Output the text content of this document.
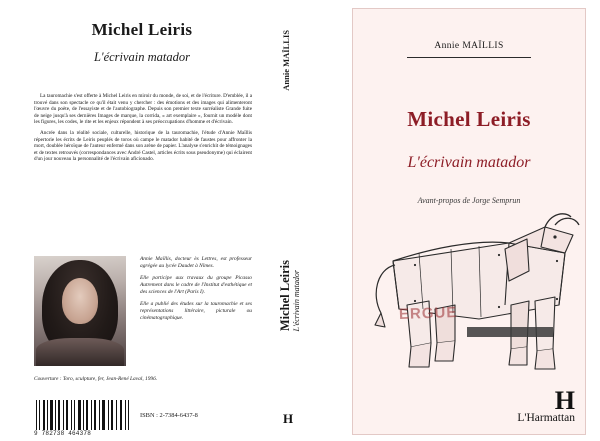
Michel Leiris
L'écrivain matador

La tauromachie s'est offerte à Michel Leiris en miroir du monde, de soi, et de l'écriture. D'emblée, il a trouvé dans son spectacle ce qu'il était venu y chercher : des émotions et des images qui alimenteront l'œuvre du poète, de l'essayiste et de l'autobiographe. Depuis son premier texte surréaliste Grande fuite de neige jusqu'à ses dernières Images de marque, la corrida, « art exemplaire », fournit un modèle dont les figures, les codes, le rite et les enjeux répondent à ses préoccupations d'homme et d'écrivain.

Ancrée dans la réalité sociale, culturelle, historique de la tauromachie, l'étude d'Annie Maïllis répertorie les écrits de Leiris peuplés de toros où campe le matador habité de faustes pour affronter la mort, doublée héroïque de l'auteur enfermé dans son arène de papier. L'analyse s'enrichit de témoignages et de textes retrouvés (correspondances avec André Castel, articles écrits sous pseudonyme) qui éclairent d'un jour nouveau la personnalité de l'écrivain aficionado.

Annie Maïllis, docteur ès Lettres, est professeur agrégée au lycée Daudet à Nîmes.

Elle participe aux travaux du groupe Picasso Autrement dans le cadre de l'Institut d'esthétique et des sciences de l'Art (Paris I).

Elle a publié des études sur la tauromachie et ses représentations littéraire, picturale ou cinématographique.

Couverture : Toro, sculpture, fer, Jean-René Laval, 1996.
9 782738 464378
ISBN : 2-7384-6437-8
Annie MAÏLLIS
Michel Leiris L'écrivain matador
H
Annie MAÏLLIS
Michel Leiris
L'écrivain matador
Avant-propos de Jorge Semprun
ERGUE
H
L'Harmattan
